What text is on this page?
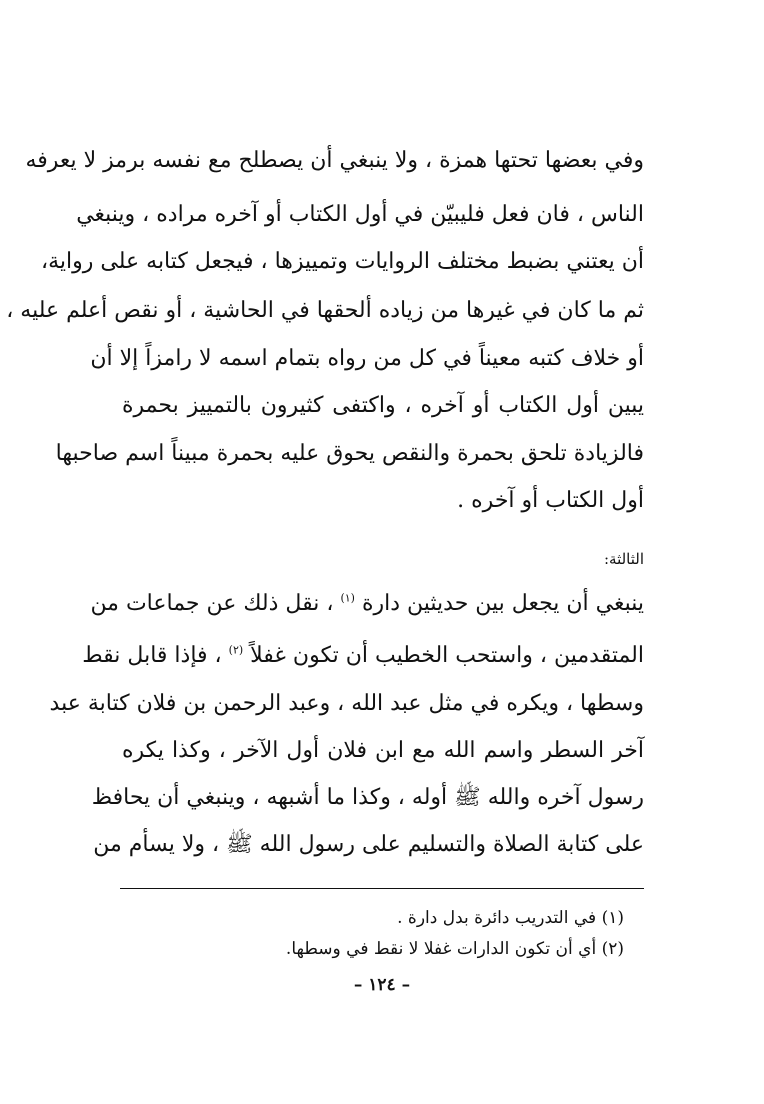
وفي بعضها تحتها همزة ، ولا ينبغي أن يصطلح مع نفسه برمز لا يعرفه
الناس ، فان فعل فليبيّن في أول الكتاب أو آخره مراده ، وينبغي
أن يعتني بضبط مختلف الروايات وتمييزها ، فيجعل كتابه على رواية،
ثم ما كان في غيرها من زياده ألحقها في الحاشية ، أو نقص أعلم عليه ،
أو خلاف كتبه معيناً في كل من رواه بتمام اسمه لا رامزاً إلا أن
يبين أول الكتاب أو آخره ، واكتفى كثيرون بالتمييز بحمرة
فالزيادة تلحق بحمرة والنقص يحوق عليه بحمرة مبيناً اسم صاحبها
أول الكتاب أو آخره .
الثالثة:
ينبغي أن يجعل بين حديثين دارة $^{(١)}$ ، نقل ذلك عن جماعات من
المتقدمين ، واستحب الخطيب أن تكون غفلاً $^{(٢)}$ ، فإذا قابل نقط
وسطها ، ويكره في مثل عبد الله ، وعبد الرحمن بن فلان كتابة عبد
آخر السطر واسم الله مع ابن فلان أول الآخر ، وكذا يكره
رسول آخره والله ﷺ أوله ، وكذا ما أشبهه ، وينبغي أن يحافظ
على كتابة الصلاة والتسليم على رسول الله ﷺ ، ولا يسأم من
(١) في التدريب دائرة بدل دارة .
(٢) أي أن تكون الدارات غفلا لا نقط في وسطها.
– ١٢٤ –
